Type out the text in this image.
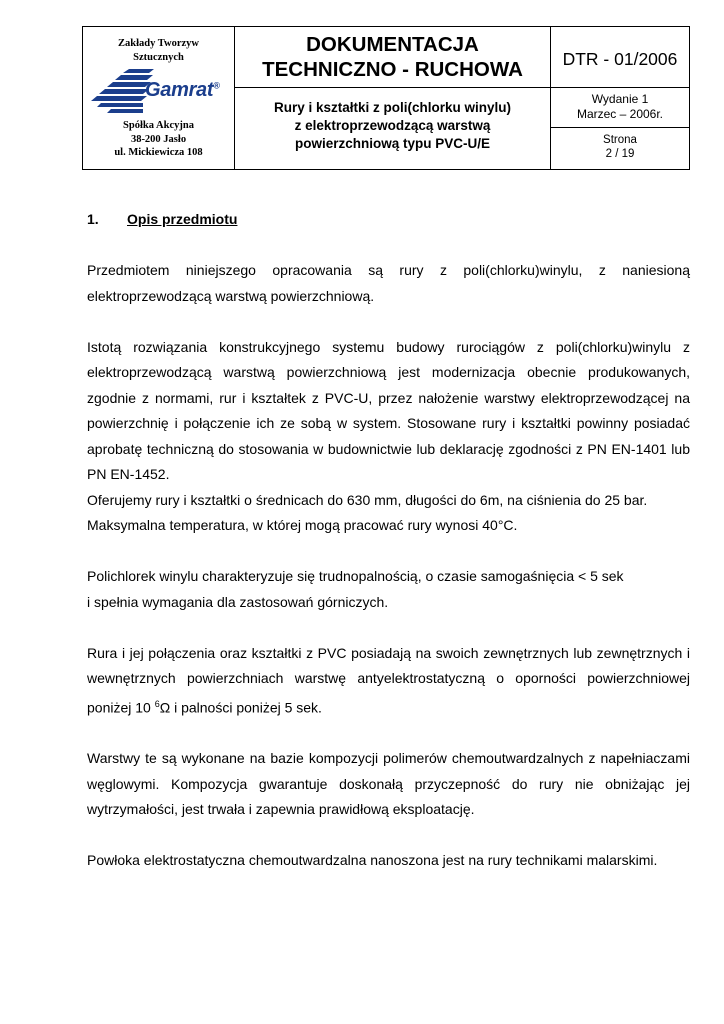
Zakłady Tworzyw
Sztucznych
Gamrat®
Spółka Akcyjna
38-200 Jasło
ul. Mickiewicza 108
DOKUMENTACJA
TECHNICZNO - RUCHOWA
Rury i kształtki z poli(chlorku winylu)
z elektroprzewodzącą warstwą
powierzchniową typu PVC-U/E
DTR - 01/2006
Wydanie 1
Marzec – 2006r.
Strona
2 / 19
1. Opis przedmiotu

Przedmiotem niniejszego opracowania są rury z poli(chlorku)winylu, z naniesioną elektroprzewodzącą warstwą powierzchniową.

Istotą rozwiązania konstrukcyjnego systemu budowy rurociągów z poli(chlorku)winylu z elektroprzewodzącą warstwą powierzchniową jest modernizacja obecnie produkowanych, zgodnie z normami, rur i kształtek z PVC-U, przez nałożenie warstwy elektroprzewodzącej na powierzchnię i połączenie ich ze sobą w system. Stosowane rury i kształtki powinny posiadać aprobatę techniczną do stosowania w budownictwie lub deklarację zgodności z PN EN-1401 lub PN EN-1452.

Oferujemy rury i kształtki o średnicach do 630 mm, długości do 6m, na ciśnienia do 25 bar.

Maksymalna temperatura, w której mogą pracować rury wynosi 40°C.

Polichlorek winylu charakteryzuje się trudnopalnością, o czasie samogaśnięcia < 5 sek

i spełnia wymagania dla zastosowań górniczych.

Rura i jej połączenia oraz kształtki z PVC posiadają na swoich zewnętrznych lub zewnętrznych i wewnętrznych powierzchniach warstwę antyelektrostatyczną o oporności powierzchniowej poniżej 10 $^6$Ω i palności poniżej 5 sek.

Warstwy te są wykonane na bazie kompozycji polimerów chemoutwardzalnych z napełniaczami węglowymi. Kompozycja gwarantuje doskonałą przyczepność do rury nie obniżając jej wytrzymałości, jest trwała i zapewnia prawidłową eksploatację.

Powłoka elektrostatyczna chemoutwardzalna nanoszona jest na rury technikami malarskimi.
